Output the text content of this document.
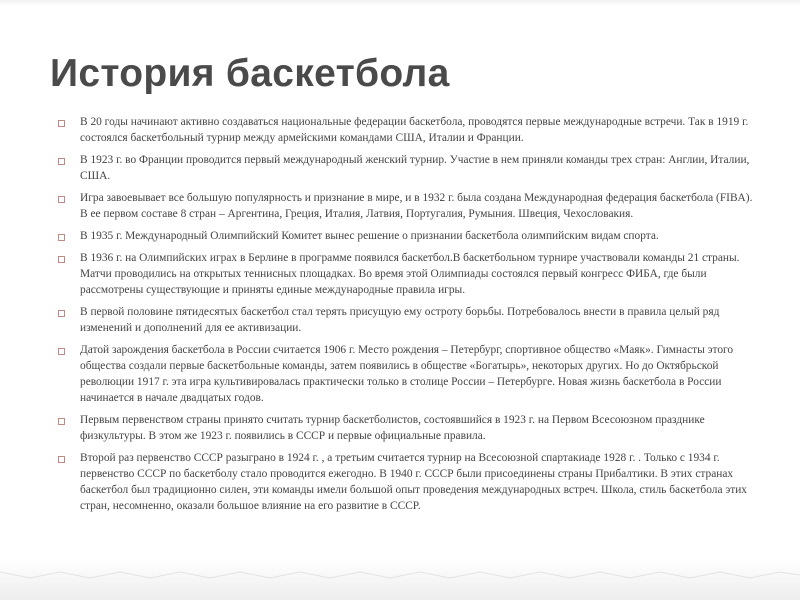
История баскетбола
В 20 годы начинают активно создаваться национальные федерации баскетбола, проводятся первые международные встречи. Так в 1919 г. состоялся баскетбольный турнир между армейскими командами США, Италии и Франции.
В 1923 г. во Франции проводится первый международный женский турнир. Участие в нем приняли команды трех стран: Англии, Италии, США.
Игра завоевывает все большую популярность и признание в мире, и в 1932 г. была создана Международная федерация баскетбола (FIBA). В ее первом составе 8 стран – Аргентина, Греция, Италия, Латвия, Португалия, Румыния. Швеция, Чехословакия.
В 1935 г. Международный Олимпийский Комитет вынес решение о признании баскетбола олимпийским видам спорта.
В 1936 г. на Олимпийских играх в Берлине в программе появился баскетбол.В баскетбольном турнире участвовали команды 21 страны. Матчи проводились на открытых теннисных площадках. Во время этой Олимпиады состоялся первый конгресс ФИБА, где были рассмотрены существующие и приняты единые международные правила игры.
В первой половине пятидесятых баскетбол стал терять присущую ему остроту борьбы. Потребовалось внести в правила целый ряд изменений и дополнений для ее активизации.
Датой зарождения баскетбола в России считается 1906 г. Место рождения – Петербург, спортивное общество «Маяк». Гимнасты этого общества создали первые баскетбольные команды, затем появились в обществе «Богатырь», некоторых других. Но до Октябрьской революции 1917 г. эта игра культивировалась практически только в столице России – Петербурге. Новая жизнь баскетбола в России начинается в начале двадцатых годов.
Первым первенством страны принято считать турнир баскетболистов, состоявшийся в 1923 г. на Первом Всесоюзном празднике физкультуры. В этом же 1923 г. появились в СССР и первые официальные правила.
Второй раз первенство СССР разыграно в 1924 г. , а третьим считается турнир на Всесоюзной спартакиаде 1928 г. . Только с 1934 г. первенство СССР по баскетболу стало проводится ежегодно. В 1940 г. СССР были присоединены страны Прибалтики. В этих странах баскетбол был традиционно силен, эти команды имели большой опыт проведения международных встреч. Школа, стиль баскетбола этих стран, несомненно, оказали большое влияние на его развитие в СССР.
